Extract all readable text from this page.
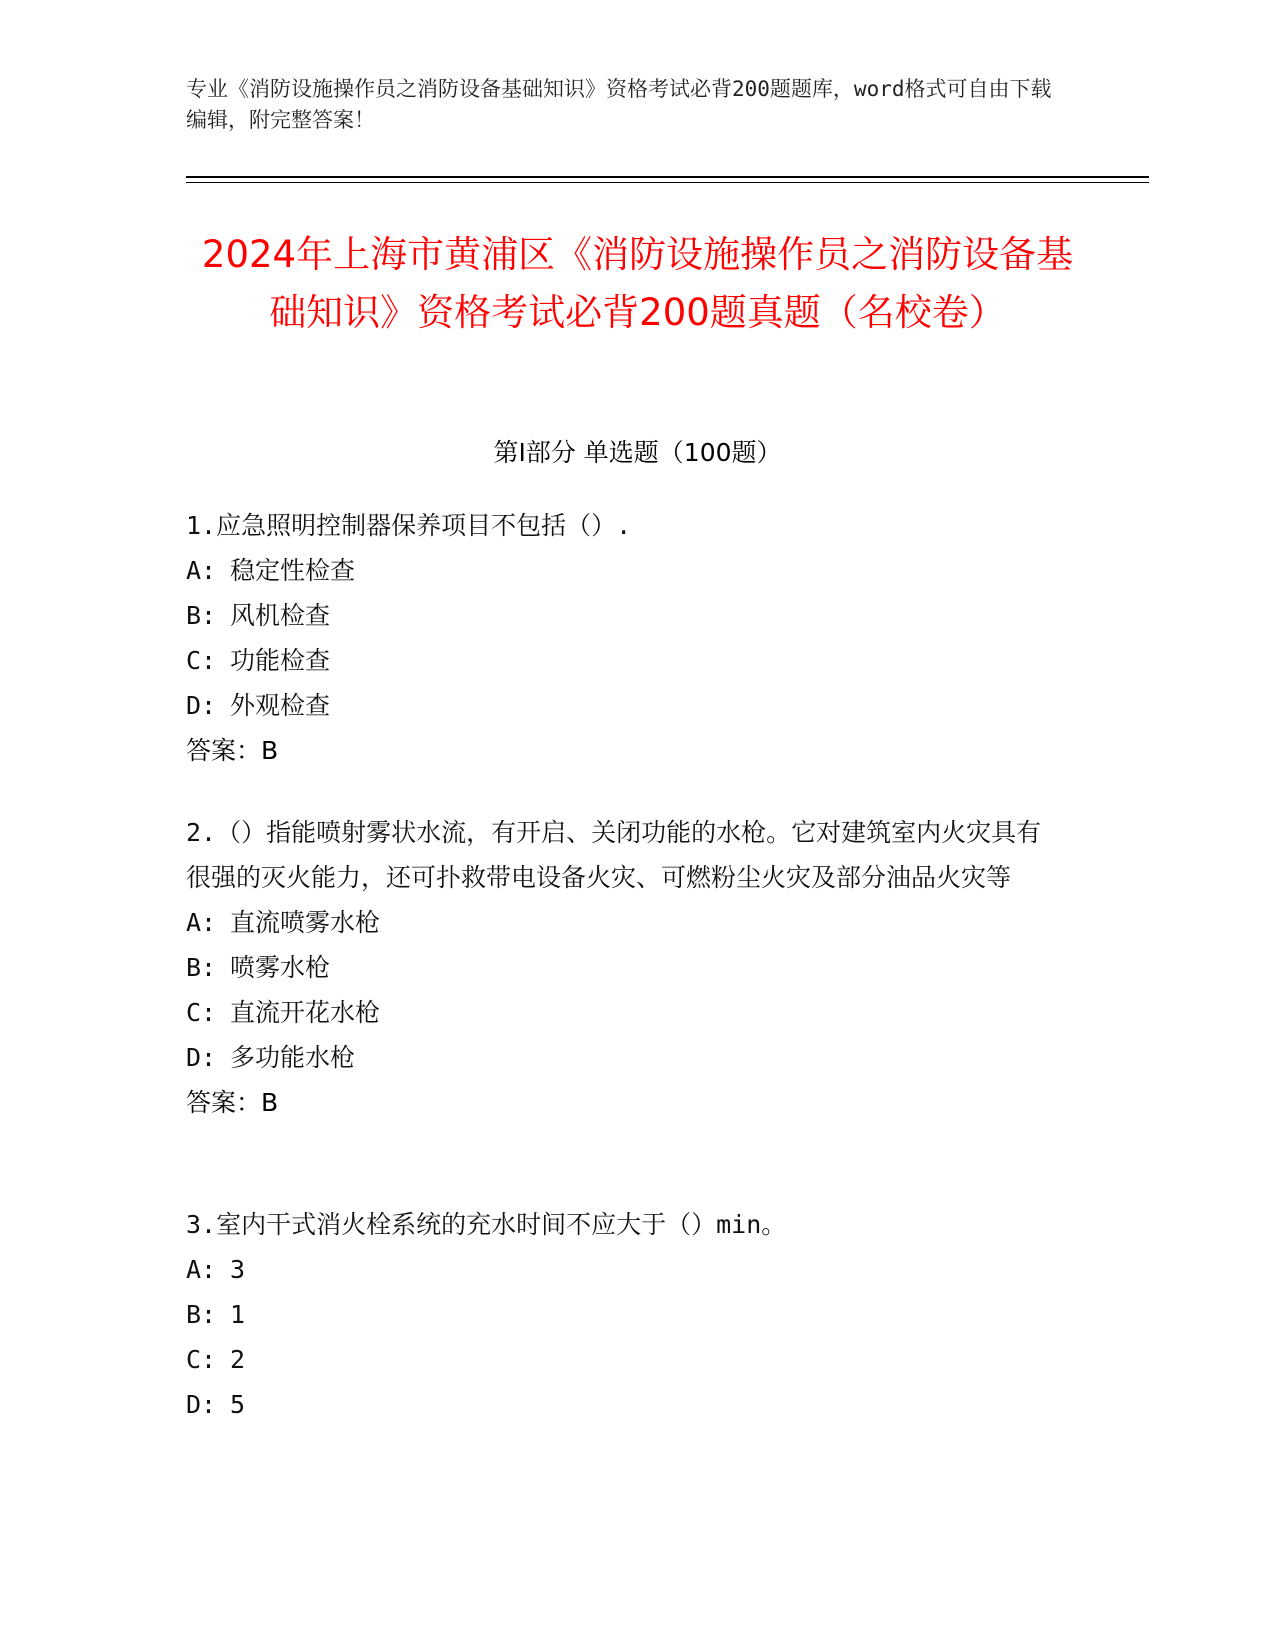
专业《消防设施操作员之消防设备基础知识》资格考试必背200题题库，word格式可自由下载编辑，附完整答案！
2024年上海市黄浦区《消防设施操作员之消防设备基础知识》资格考试必背200题真题（名校卷）
第Ⅰ部分 单选题（100题）
1.应急照明控制器保养项目不包括（）.
A: 稳定性检查
B: 风机检查
C: 功能检查
D: 外观检查
答案：B
2.（）指能喷射雾状水流，有开启、关闭功能的水枪。它对建筑室内火灾具有很强的灭火能力，还可扑救带电设备火灾、可燃粉尘火灾及部分油品火灾等
A: 直流喷雾水枪
B: 喷雾水枪
C: 直流开花水枪
D: 多功能水枪
答案：B
3.室内干式消火栓系统的充水时间不应大于（）min。
A: 3
B: 1
C: 2
D: 5
